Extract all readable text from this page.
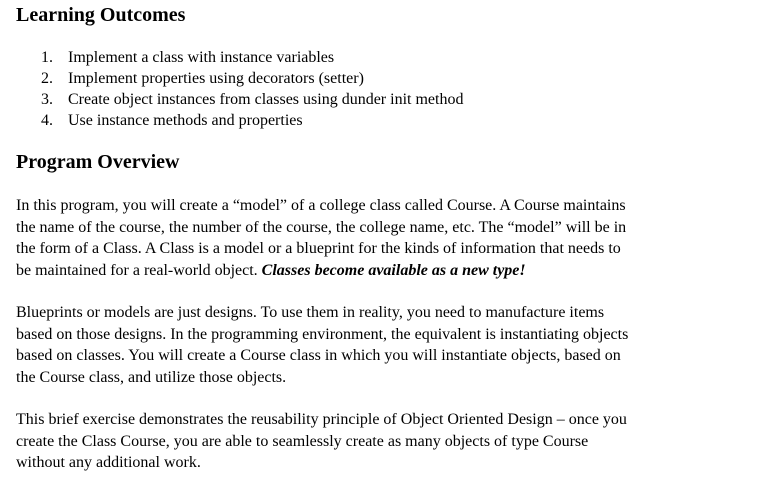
Learning Outcomes
1. Implement a class with instance variables
2. Implement properties using decorators (setter)
3. Create object instances from classes using dunder init method
4. Use instance methods and properties
Program Overview

In this program, you will create a “model” of a college class called Course. A Course maintains
the name of the course, the number of the course, the college name, etc. The “model” will be in
the form of a Class. A Class is a model or a blueprint for the kinds of information that needs to
be maintained for a real-world object. Classes become available as a new type!

Blueprints or models are just designs. To use them in reality, you need to manufacture items
based on those designs. In the programming environment, the equivalent is instantiating objects
based on classes. You will create a Course class in which you will instantiate objects, based on
the Course class, and utilize those objects.

This brief exercise demonstrates the reusability principle of Object Oriented Design – once you
create the Class Course, you are able to seamlessly create as many objects of type Course
without any additional work.
